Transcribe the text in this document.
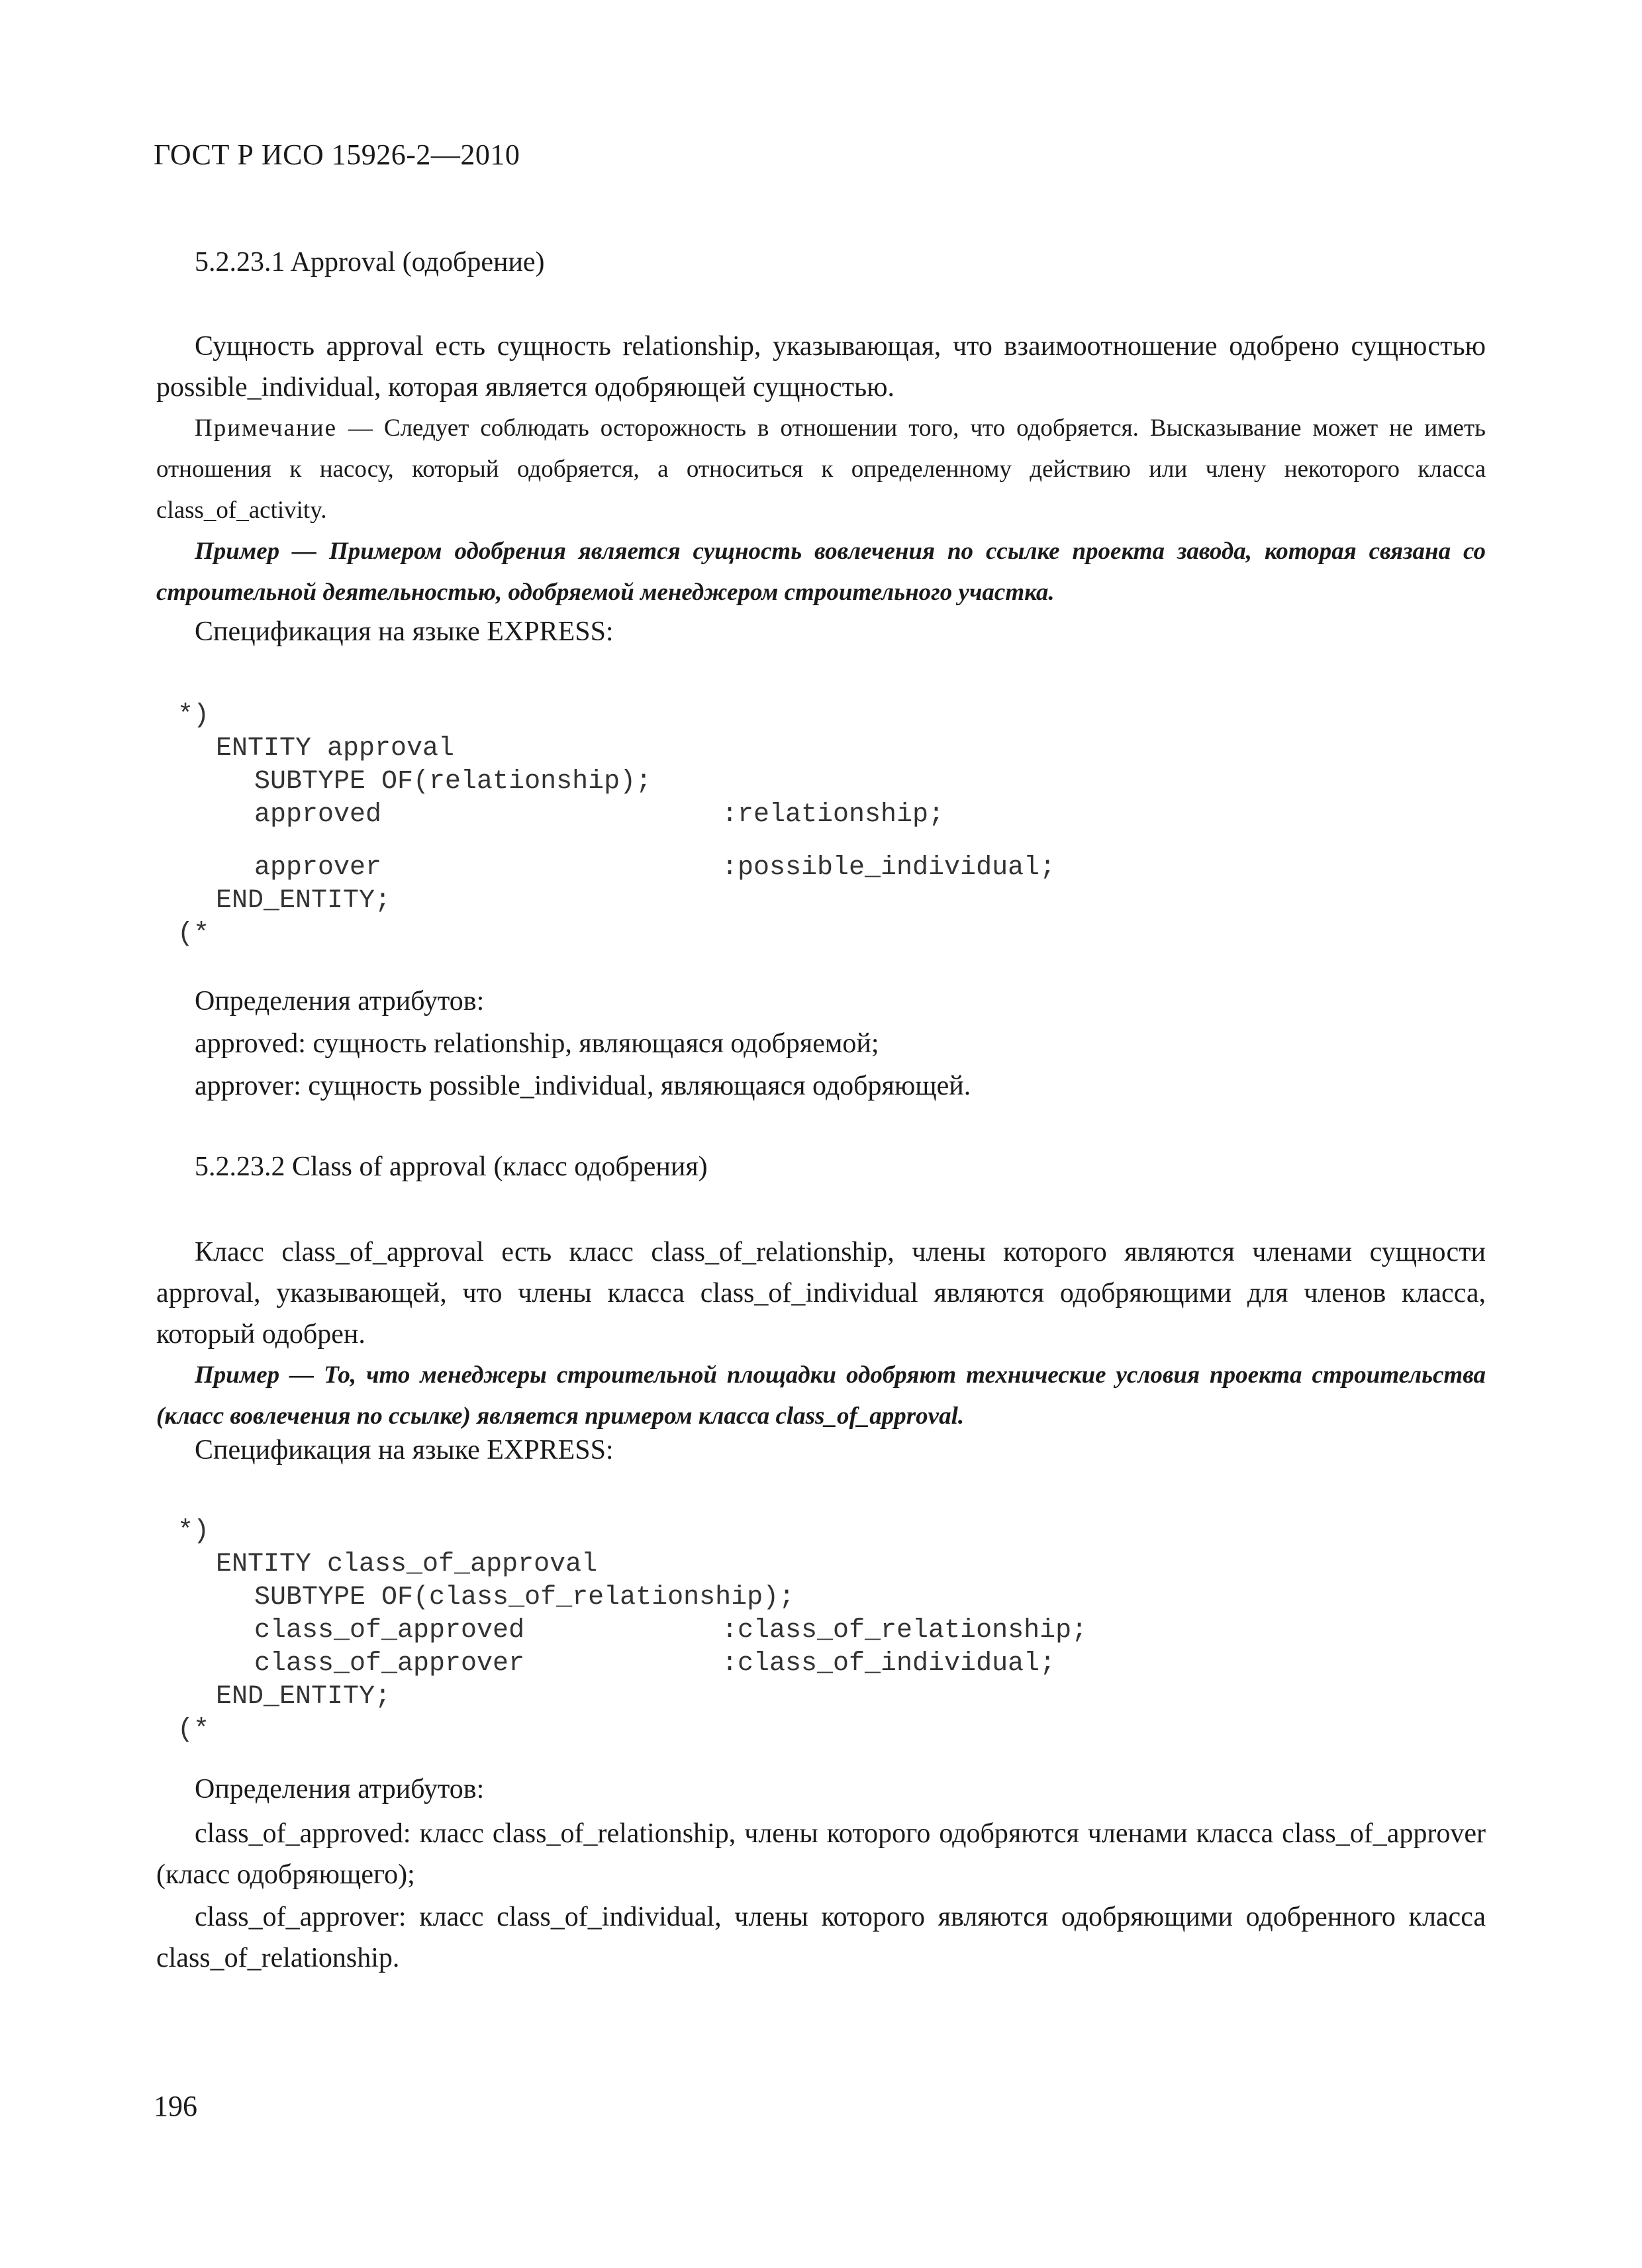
ГОСТ Р ИСО 15926-2—2010
5.2.23.1 Approval (одобрение)

Сущность approval есть сущность relationship, указывающая, что взаимоотношение одобрено сущностью possible_individual, которая является одобряющей сущностью.

Примечание — Следует соблюдать осторожность в отношении того, что одобряется. Высказывание может не иметь отношения к насосу, который одобряется, а относиться к определенному действию или члену некоторого класса class_of_activity.

Пример — Примером одобрения является сущность вовлечения по ссылке проекта завода, которая связана со строительной деятельностью, одобряемой менеджером строительного участка.

Спецификация на языке EXPRESS:
*)
ENTITY approval
SUBTYPE OF(relationship);
approved	:relationship;
approver	:possible_individual;
END_ENTITY;
(*
Определения атрибутов:
approved: сущность relationship, являющаяся одобряемой;
approver: сущность possible_individual, являющаяся одобряющей.
5.2.23.2 Class of approval (класс одобрения)

Класс class_of_approval есть класс class_of_relationship, члены которого являются членами сущности approval, указывающей, что члены класса class_of_individual являются одобряющими для членов класса, который одобрен.

Пример — То, что менеджеры строительной площадки одобряют технические условия проекта строительства (класс вовлечения по ссылке) является примером класса class_of_approval.

Спецификация на языке EXPRESS:
*)
ENTITY class_of_approval
SUBTYPE OF(class_of_relationship);
class_of_approved	:class_of_relationship;
class_of_approver	:class_of_individual;
END_ENTITY;
(*
Определения атрибутов:

class_of_approved: класс class_of_relationship, члены которого одобряются членами класса class_of_approver (класс одобряющего);

class_of_approver: класс class_of_individual, члены которого являются одобряющими одобренного класса class_of_relationship.

196
